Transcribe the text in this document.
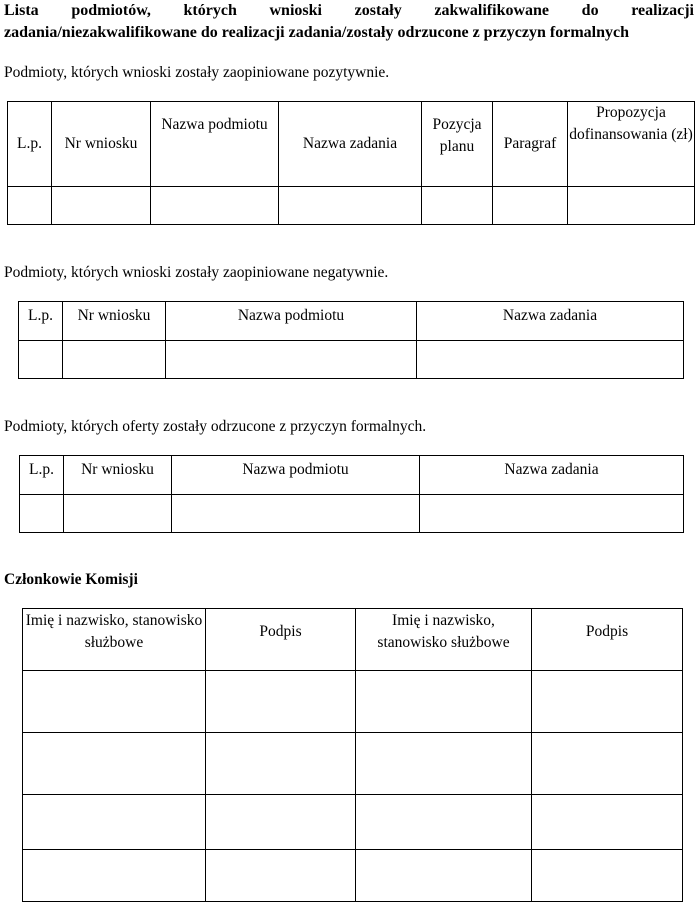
Lista podmiotów, których wnioski zostały zakwalifikowane do realizacji
zadania/niezakwalifikowane do realizacji zadania/zostały odrzucone z przyczyn formalnych
Podmioty, których wnioski zostały zaopiniowane pozytywnie.
L.p.	Nr wniosku	Nazwa podmiotu	Nazwa zadania	Pozycja planu	Paragraf	Propozycja dofinansowania (zł)

Podmioty, których wnioski zostały zaopiniowane negatywnie.
L.p.	Nr wniosku	Nazwa podmiotu	Nazwa zadania

Podmioty, których oferty zostały odrzucone z przyczyn formalnych.
L.p.	Nr wniosku	Nazwa podmiotu	Nazwa zadania

Członkowie Komisji
Imię i nazwisko, stanowisko służbowe	Podpis	Imię i nazwisko, stanowisko służbowe	Podpis
